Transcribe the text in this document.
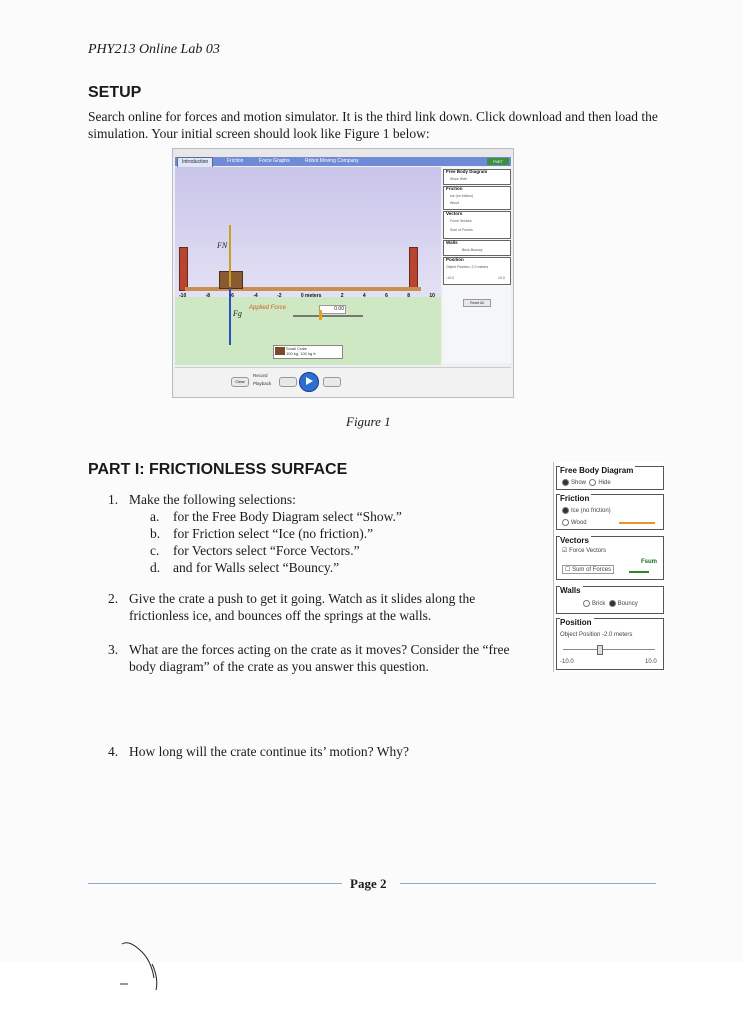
PHY213 Online Lab 03
SETUP
Search online for forces and motion simulator. It is the third link down. Click download and then load the simulation. Your initial screen should look like Figure 1 below:
Introduction	Friction	Force Graphs	Robot Moving Company	PhET
FN
Fg
-10	-8	-6	-4	-2	0 meters	2	4	6	8	10
Applied Force	0.00
Small Crate
100 kg, 100 kg fr
Free Body Diagram
Show Hide
Friction
Ice (no friction)
Wood
Vectors
Force Vectors
Sum of Forces
Walls
Brick Bouncy
Position
Object Position -2.0 meters
-10.0	10.0
Reset All
Clear
Record
Playback
Figure 1
PART I: FRICTIONLESS SURFACE
1. Make the following selections:
a. for the Free Body Diagram select “Show.”
b. for Friction select “Ice (no friction).”
c. for Vectors select “Force Vectors.”
d. and for Walls select “Bouncy.”
2. Give the crate a push to get it going. Watch as it slides along the frictionless ice, and bounces off the springs at the walls.
3. What are the forces acting on the crate as it moves? Consider the “free body diagram” of the crate as you answer this question.
4. How long will the crate continue its’ motion? Why?
Free Body Diagram
Show Hide
Friction
Ice (no friction)
Wood
Vectors
☑ Force Vectors
☐ Sum of Forces
Fsum
Walls
Brick Bouncy
Position
Object Position -2.0 meters
-10.0	10.0
Page 2
